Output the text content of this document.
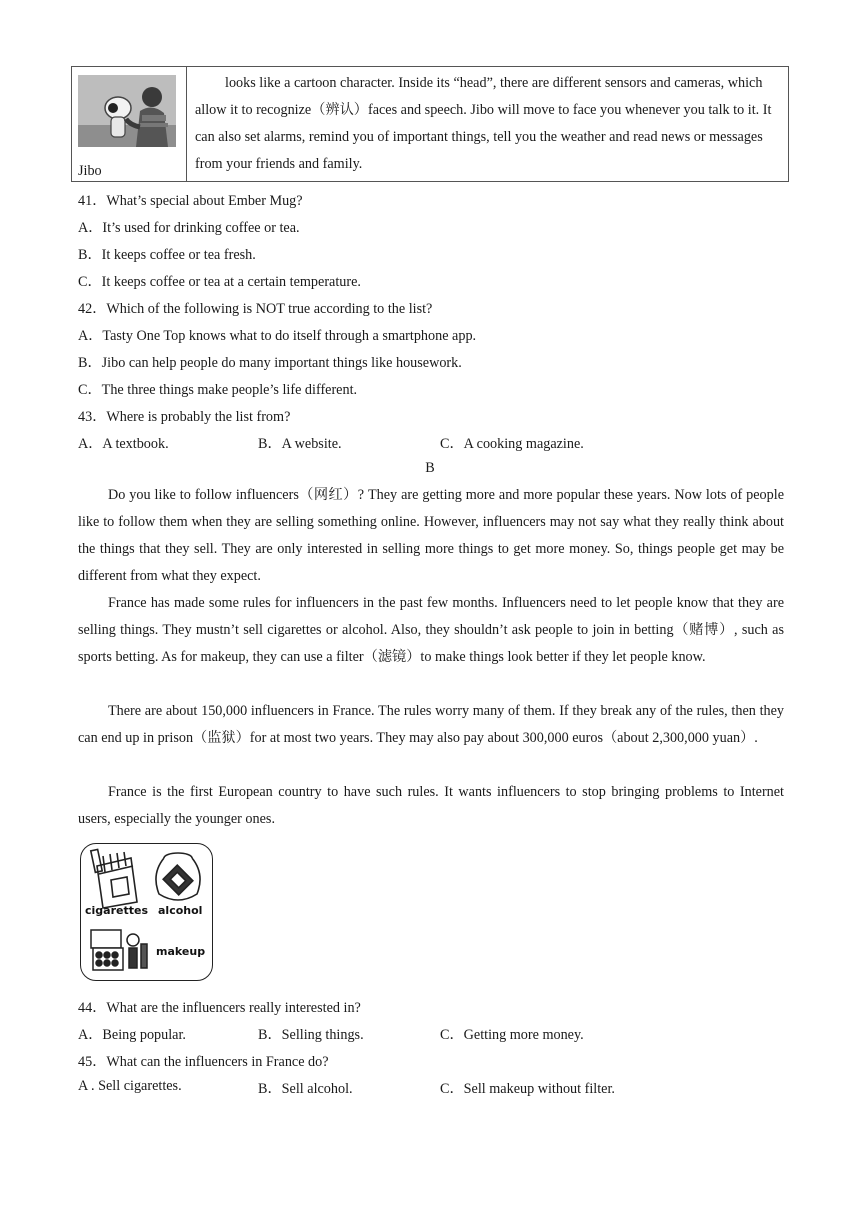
Jibo
looks like a cartoon character. Inside its “head”, there are different sensors and cameras, which allow it to recognize（辨认）faces and speech. Jibo will move to face you whenever you talk to it. It can also set alarms, remind you of important things, tell you the weather and read news or messages from your friends and family.
41．What’s special about Ember Mug?
A．It’s used for drinking coffee or tea.
B．It keeps coffee or tea fresh.
C．It keeps coffee or tea at a certain temperature.
42．Which of the following is NOT true according to the list?
A．Tasty One Top knows what to do itself through a smartphone app.
B．Jibo can help people do many important things like housework.
C．The three things make people’s life different.
43．Where is probably the list from?
A．A textbook.	B．A website.	C．A cooking magazine.
B
Do you like to follow influencers（网红）? They are getting more and more popular these years. Now lots of people like to follow them when they are selling something online. However, influencers may not say what they really think about the things that they sell. They are only interested in selling more things to get more money. So, things people get may be different from what they expect.
France has made some rules for influencers in the past few months. Influencers need to let people know that they are selling things. They mustn’t sell cigarettes or alcohol. Also, they shouldn’t ask people to join in betting（赌博）, such as sports betting. As for makeup, they can use a filter（滤镜）to make things look better if they let people know.
There are about 150,000 influencers in France. The rules worry many of them. If they break any of the rules, then they can end up in prison（监狱）for at most two years. They may also pay about 300,000 euros（about 2,300,000 yuan）.
France is the first European country to have such rules. It wants influencers to stop bringing problems to Internet users, especially the younger ones.
cigarettes alcohol
makeup
44．What are the influencers really interested in?
A．Being popular.	B．Selling things.	C．Getting more money.
45．What can the influencers in France do?
A . Sell cigarettes.	B．Sell alcohol.	C．Sell makeup without filter.
